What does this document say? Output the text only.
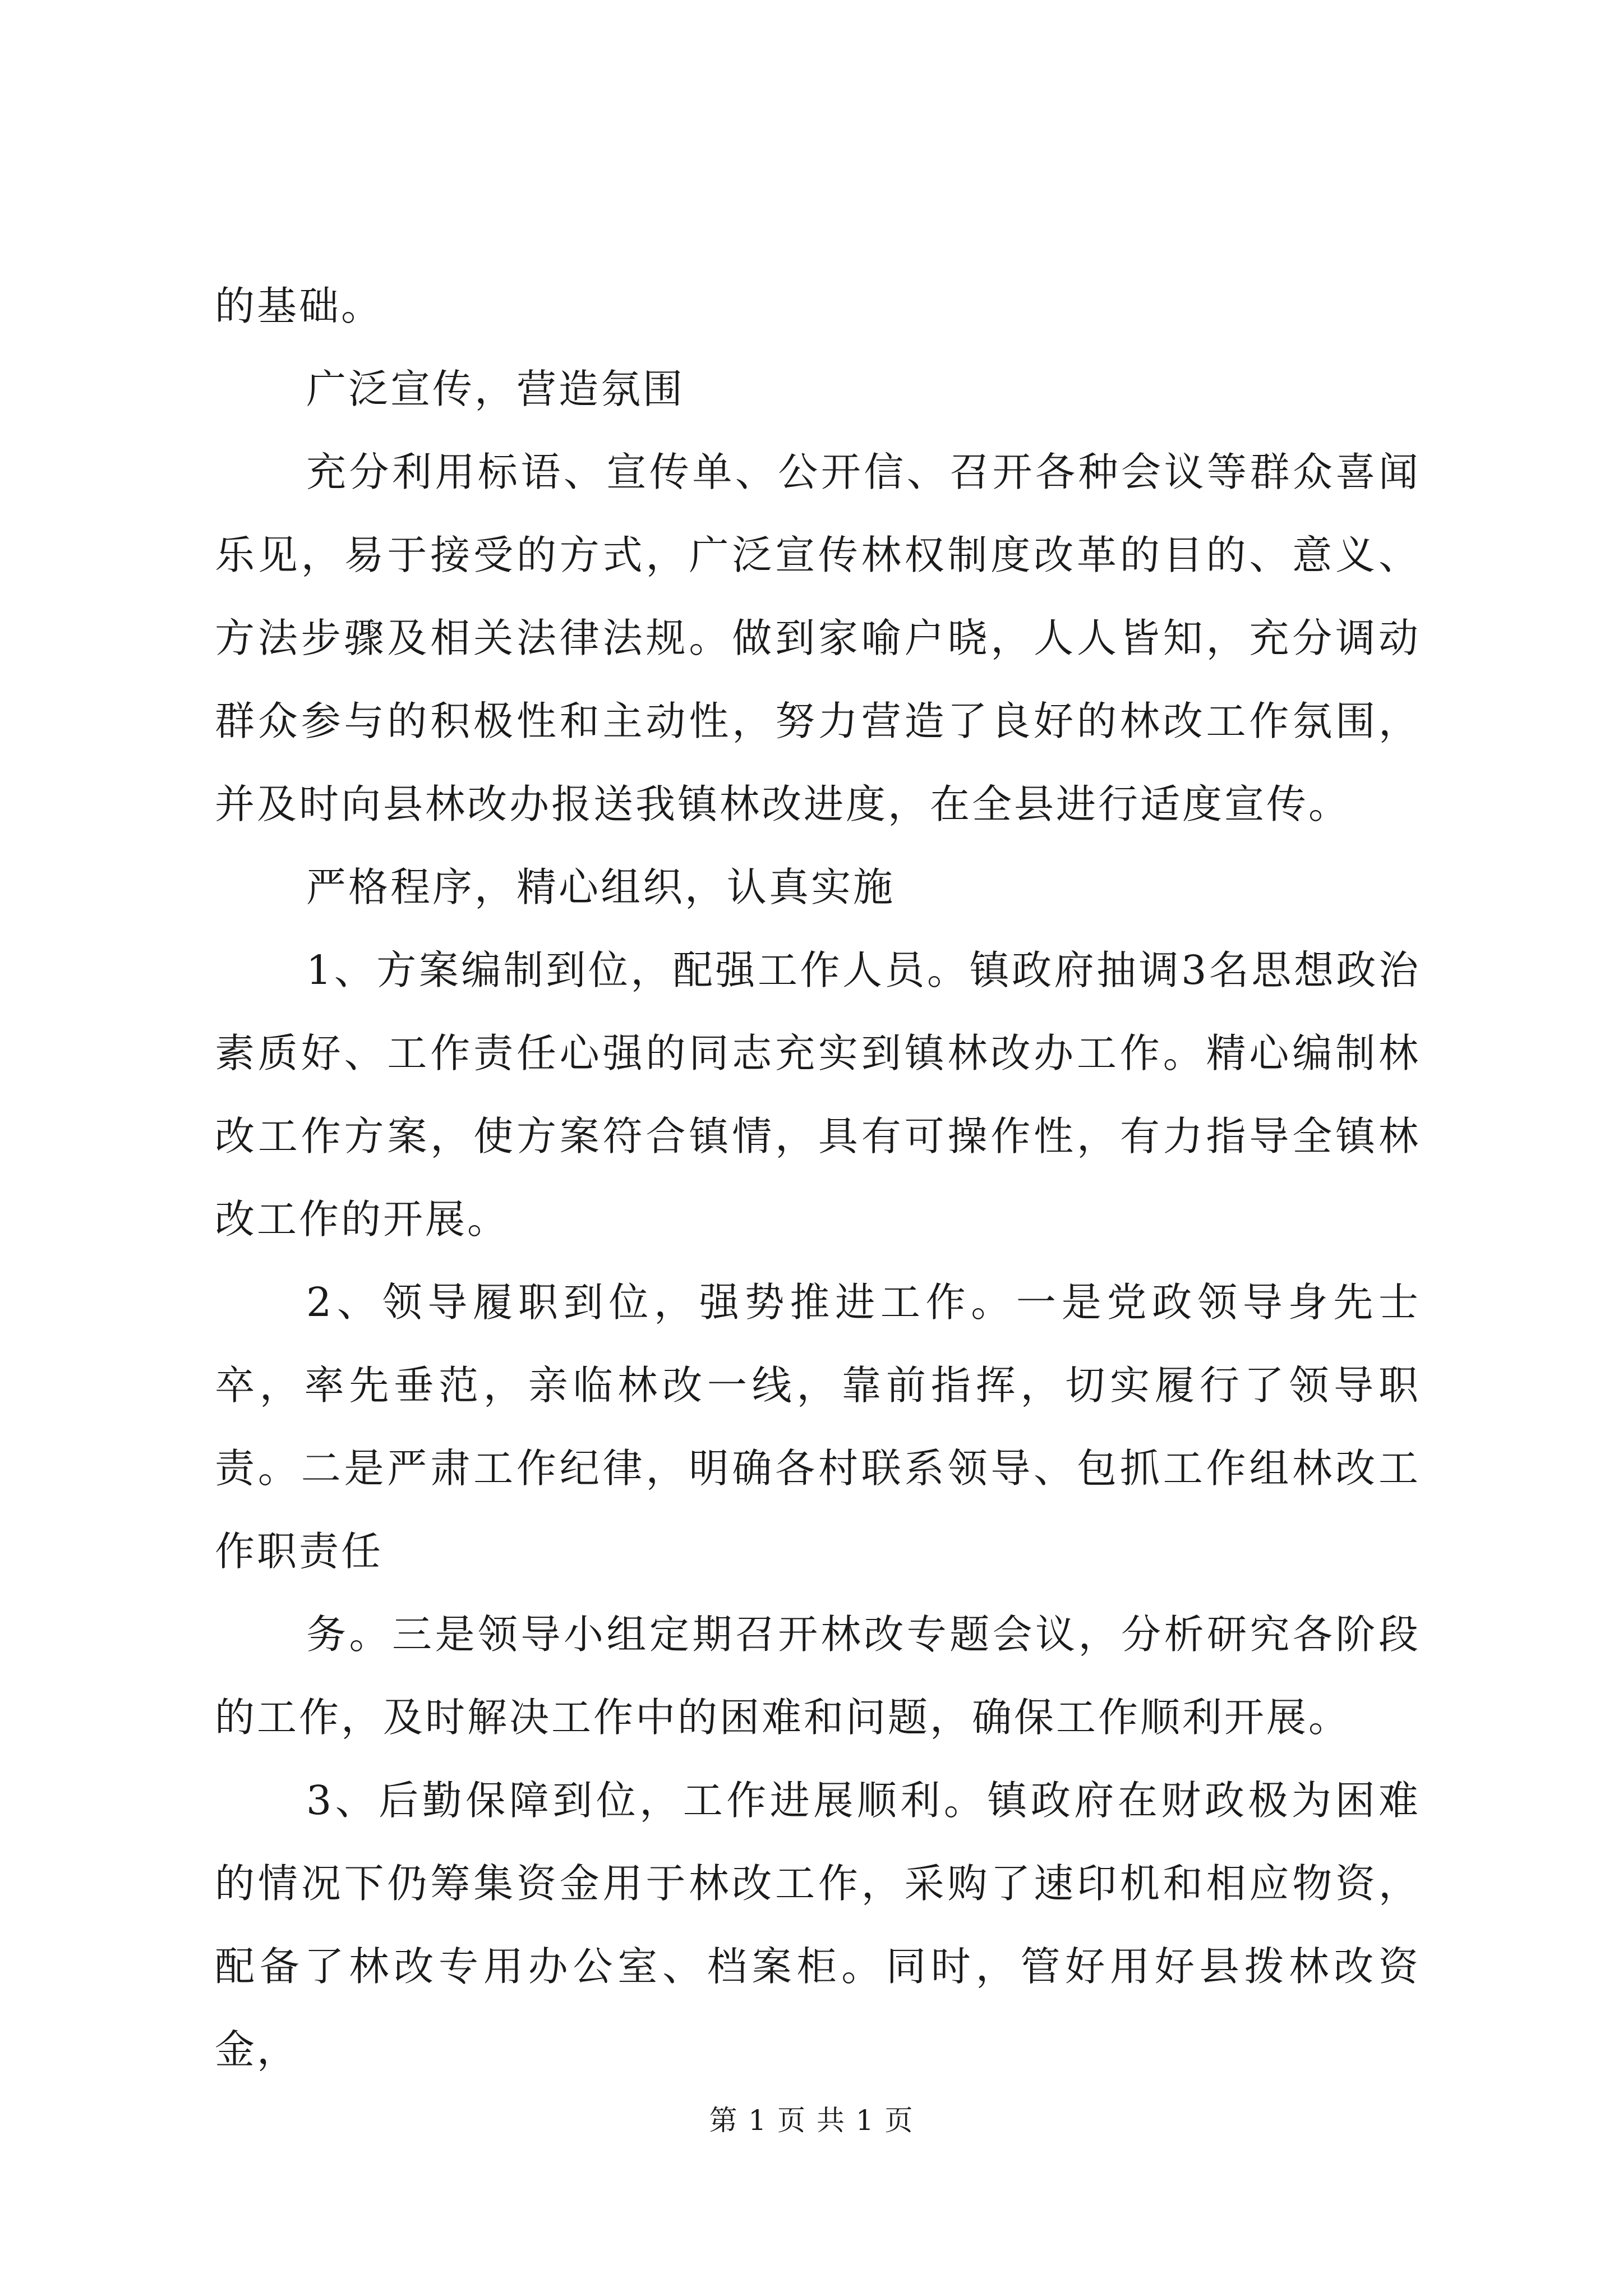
的基础。

广泛宣传，营造氛围

充分利用标语、宣传单、公开信、召开各种会议等群众喜闻乐见，易于接受的方式，广泛宣传林权制度改革的目的、意义、方法步骤及相关法律法规。做到家喻户晓，人人皆知，充分调动群众参与的积极性和主动性，努力营造了良好的林改工作氛围，并及时向县林改办报送我镇林改进度，在全县进行适度宣传。

严格程序，精心组织，认真实施

1、方案编制到位，配强工作人员。镇政府抽调3名思想政治素质好、工作责任心强的同志充实到镇林改办工作。精心编制林改工作方案，使方案符合镇情，具有可操作性，有力指导全镇林改工作的开展。

2、领导履职到位，强势推进工作。一是党政领导身先士卒，率先垂范，亲临林改一线，靠前指挥，切实履行了领导职责。二是严肃工作纪律，明确各村联系领导、包抓工作组林改工作职责任

务。三是领导小组定期召开林改专题会议，分析研究各阶段的工作，及时解决工作中的困难和问题，确保工作顺利开展。

3、后勤保障到位，工作进展顺利。镇政府在财政极为困难的情况下仍筹集资金用于林改工作，采购了速印机和相应物资，配备了林改专用办公室、档案柜。同时，管好用好县拨林改资金，

第 1 页 共 1 页
